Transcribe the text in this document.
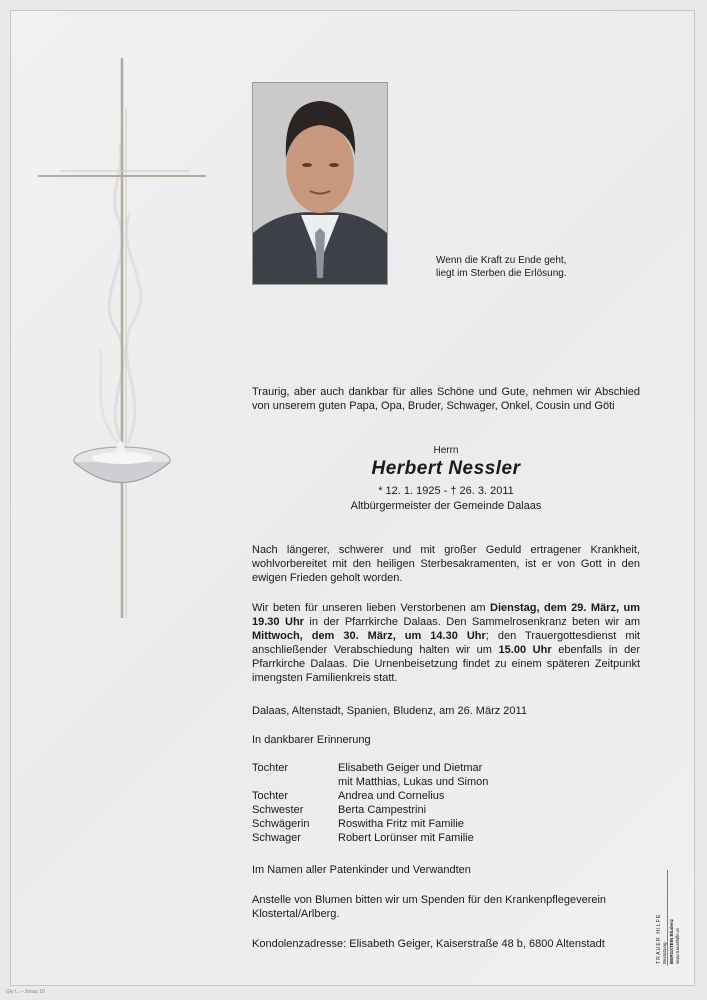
Wenn die Kraft zu Ende geht,
liegt im Sterben die Erlösung.
Traurig, aber auch dankbar für alles Schöne und Gute, nehmen wir Abschied von unserem guten Papa, Opa, Bruder, Schwager, Onkel, Cousin und Göti
Herrn
Herbert Nessler
* 12. 1. 1925 - † 26. 3. 2011
Altbürgermeister der Gemeinde Dalaas
Nach längerer, schwerer und mit großer Geduld ertragener Krankheit, wohlvorbereitet mit den heiligen Sterbesakramenten, ist er von Gott in den ewigen Frieden geholt worden.
Wir beten für unseren lieben Verstorbenen am Dienstag, dem 29. März, um 19.30 Uhr in der Pfarrkirche Dalaas. Den Sammelrosenkranz beten wir am Mittwoch, dem 30. März, um 14.30 Uhr; den Trauergottesdienst mit anschließender Verabschiedung halten wir um 15.00 Uhr ebenfalls in der Pfarrkirche Dalaas. Die Urnenbeisetzung findet zu einem späteren Zeitpunkt imengsten Familienkreis statt.
Dalaas, Altenstadt, Spanien, Bludenz, am 26. März 2011
In dankbarer Erinnerung
Tochter	Elisabeth Geiger und Dietmar
mit Matthias, Lukas und Simon
Tochter	Andrea und Cornelius
Schwester	Berta Campestrini
Schwägerin	Roswitha Fritz mit Familie
Schwager	Robert Lorünser mit Familie
Im Namen aller Patenkinder und Verwandten
Anstelle von Blumen bitten wir um Spenden für den Krankenpflegeverein Klostertal/Arlberg.
Kondolenzadresse: Elisabeth Geiger, Kaiserstraße 48 b, 6800 Altenstadt	TRAUER HILFE Bestattung BERGSTEIN Bludenz www.trauerhilfe.at
Gly L. – Jonas 10
